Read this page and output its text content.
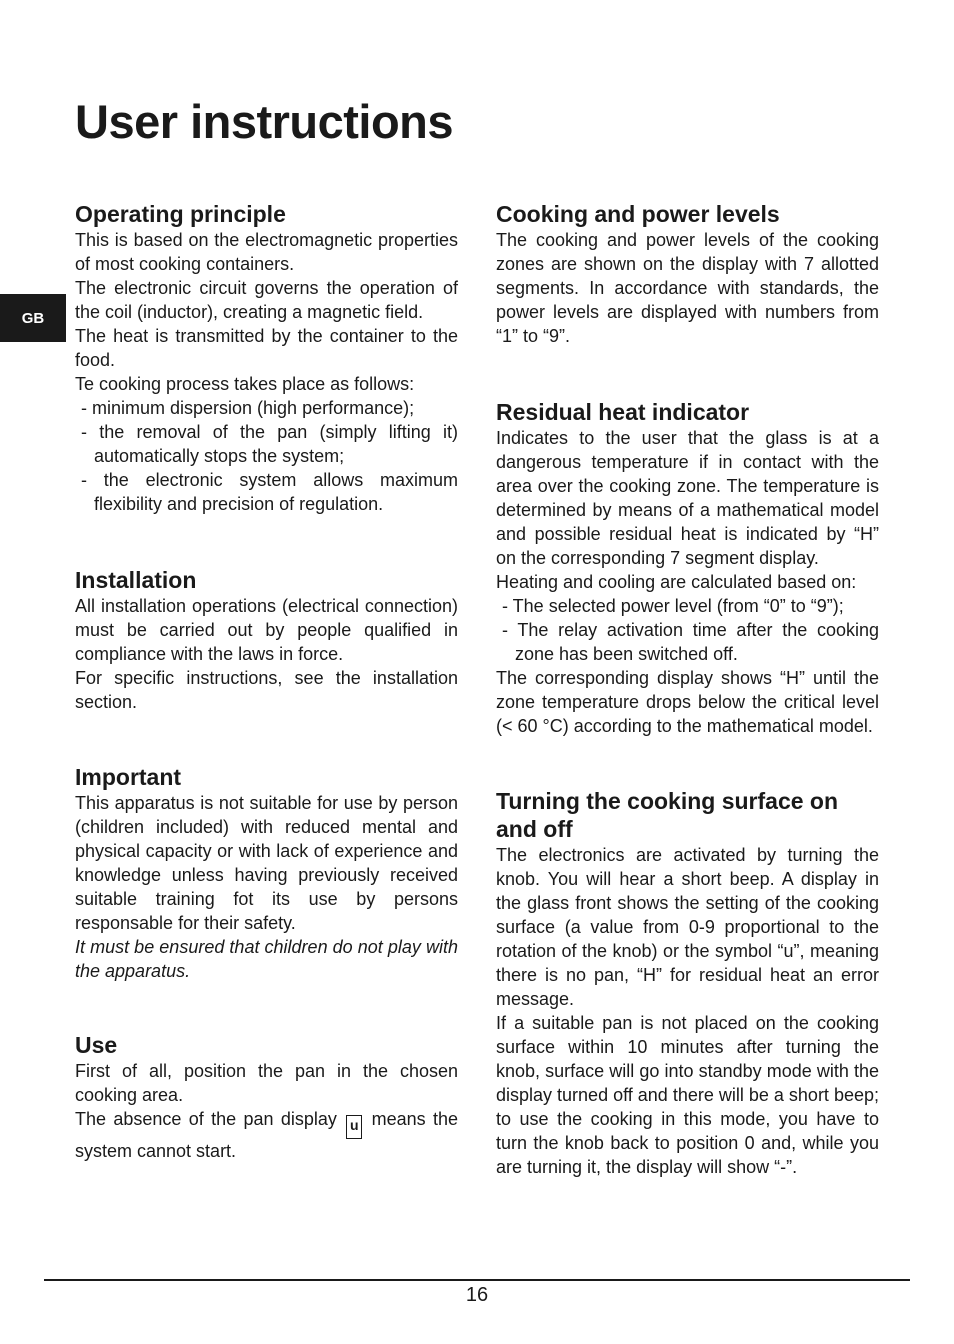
User instructions
GB
Operating principle

This is based on the electromagnetic properties of most cooking containers.

The electronic circuit governs the operation of the coil (inductor), creating a magnetic field.

The heat is transmitted by the container to the food.

Te cooking process takes place as follows:

- minimum dispersion (high performance);
- the removal of the pan (simply lifting it) automatically stops the system;
- the electronic system allows maximum flexibility and precision of regulation.
Installation

All installation operations (electrical connection) must be carried out by people qualified in compliance with the laws in force.

For specific instructions, see the installation section.

Important

This apparatus is not suitable for use by person (children included) with reduced mental and physical capacity or with lack of experience and knowledge unless having previously received suitable training fot its use by persons responsable for their safety.

It must be ensured that children do not play with the apparatus.

Use

First of all, position the pan in the chosen cooking area.

The absence of the pan display u means the system cannot start.

Cooking and power levels

The cooking and power levels of the cooking zones are shown on the display with 7 allotted segments. In accordance with standards, the power levels are displayed with numbers from “1” to “9”.

Residual heat indicator

Indicates to the user that the glass is at a dangerous temperature if in contact with the area over the cooking zone. The temperature is determined by means of a mathematical model and possible residual heat is indicated by “H” on the corresponding 7 segment display.

Heating and cooling are calculated based on:

- The selected power level (from “0” to “9”);
- The relay activation time after the cooking zone has been switched off.

The corresponding display shows “H” until the zone temperature drops below the critical level (< 60 °C) according to the mathematical model.

Turning the cooking surface on and off

The electronics are activated by turning the knob. You will hear a short beep. A display in the glass front shows the setting of the cooking surface (a value from 0-9 proportional to the rotation of the knob) or the symbol “u”, meaning there is no pan, “H” for residual heat an error message.

If a suitable pan is not placed on the cooking surface within 10 minutes after turning the knob, surface will go into standby mode with the display turned off and there will be a short beep; to use the cooking in this mode, you have to turn the knob back to position 0 and, while you are turning it, the display will show “-”.

16
